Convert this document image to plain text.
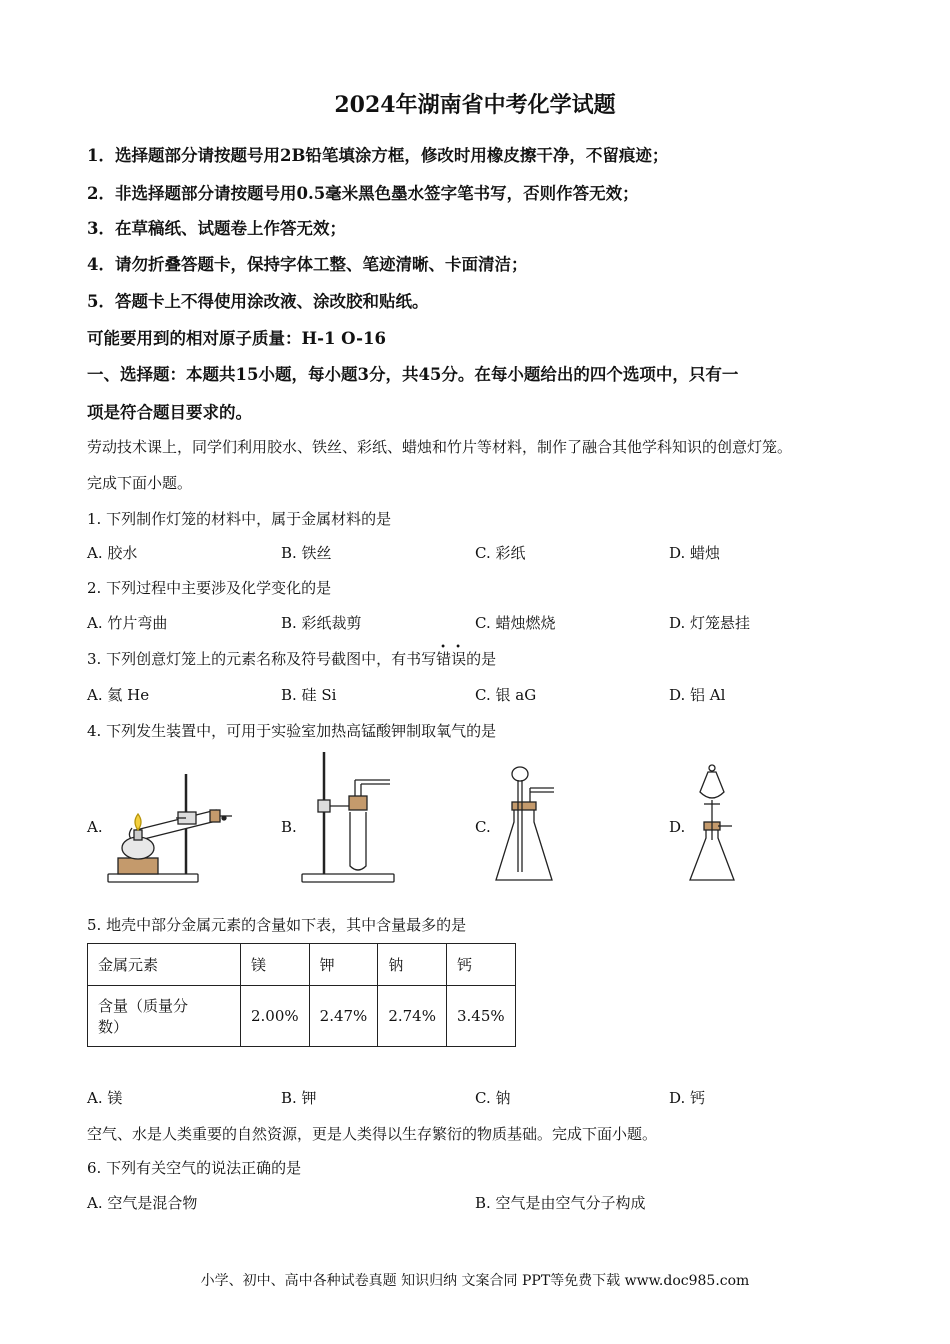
2024年湖南省中考化学试题
1．选择题部分请按题号用2B铅笔填涂方框，修改时用橡皮擦干净，不留痕迹；
2．非选择题部分请按题号用0.5毫米黑色墨水签字笔书写，否则作答无效；
3．在草稿纸、试题卷上作答无效；
4．请勿折叠答题卡，保持字体工整、笔迹清晰、卡面清洁；
5．答题卡上不得使用涂改液、涂改胶和贴纸。
可能要用到的相对原子质量：H-1 O-16
一、选择题：本题共15小题，每小题3分，共45分。在每小题给出的四个选项中，只有一
项是符合题目要求的。
劳动技术课上，同学们利用胶水、铁丝、彩纸、蜡烛和竹片等材料，制作了融合其他学科知识的创意灯笼。
完成下面小题。
1. 下列制作灯笼的材料中，属于金属材料的是
A. 胶水	B. 铁丝	C. 彩纸	D. 蜡烛
2. 下列过程中主要涉及化学变化的是
A. 竹片弯曲	B. 彩纸裁剪	C. 蜡烛燃烧	D. 灯笼悬挂
3. 下列创意灯笼上的元素名称及符号截图中，有书写
• •
错误的是
A. 氦 He	B. 硅 Si	C. 银 aG	D. 铝 Al
4. 下列发生装置中，可用于实验室加热高锰酸钾制取氧气的是
A.	B.	C.	D.
5. 地壳中部分金属元素的含量如下表，其中含量最多的是
金属元素	镁	钾	钠	钙

含量（质量分
数）	2.00%	2.47%	2.74%	3.45%
A. 镁	B. 钾	C. 钠	D. 钙
空气、水是人类重要的自然资源，更是人类得以生存繁衍的物质基础。完成下面小题。
6. 下列有关空气的说法正确的是
A. 空气是混合物	B. 空气是由空气分子构成
小学、初中、高中各种试卷真题 知识归纳 文案合同 PPT等免费下载 www.doc985.com
